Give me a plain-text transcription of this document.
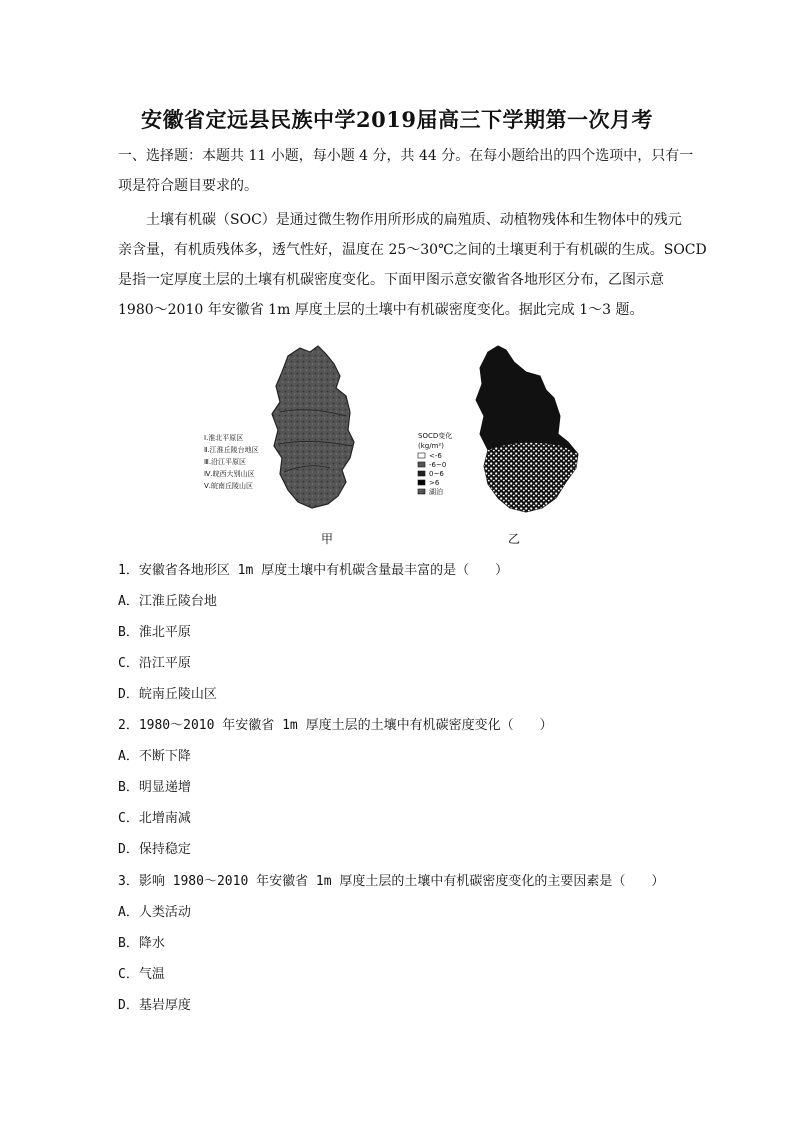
安徽省定远县民族中学2019届高三下学期第一次月考
一、选择题：本题共 11 小题，每小题 4 分，共 44 分。在每小题给出的四个选项中，只有一
项是符合题目要求的。
土壤有机碳（SOC）是通过微生物作用所形成的扁殖质、动植物残体和生物体中的残元
亲含量，有机质残体多，透气性好，温度在 25～30℃之间的土壤更利于有机碳的生成。SOCD
是指一定厚度土层的土壤有机碳密度变化。下面甲图示意安徽省各地形区分布，乙图示意
1980～2010 年安徽省 1m 厚度土层的土壤中有机碳密度变化。据此完成 1～3 题。
Ⅰ.淮北平原区
Ⅱ.江淮丘陵台地区
Ⅲ.沿江平原区
Ⅳ.皖西大别山区
Ⅴ.皖南丘陵山区
SOCD变化
(kg/m²)
<-6
-6~0
0~6
>6
湖泊
甲	乙
1．安徽省各地形区 1m 厚度土壤中有机碳含量最丰富的是（　　）
A．江淮丘陵台地
B．淮北平原
C．沿江平原
D．皖南丘陵山区
2．1980～2010 年安徽省 1m 厚度土层的土壤中有机碳密度变化（　　）
A．不断下降
B．明显递增
C．北增南减
D．保持稳定
3．影响 1980～2010 年安徽省 1m 厚度土层的土壤中有机碳密度变化的主要因素是（　　）
A．人类活动
B．降水
C．气温
D．基岩厚度
